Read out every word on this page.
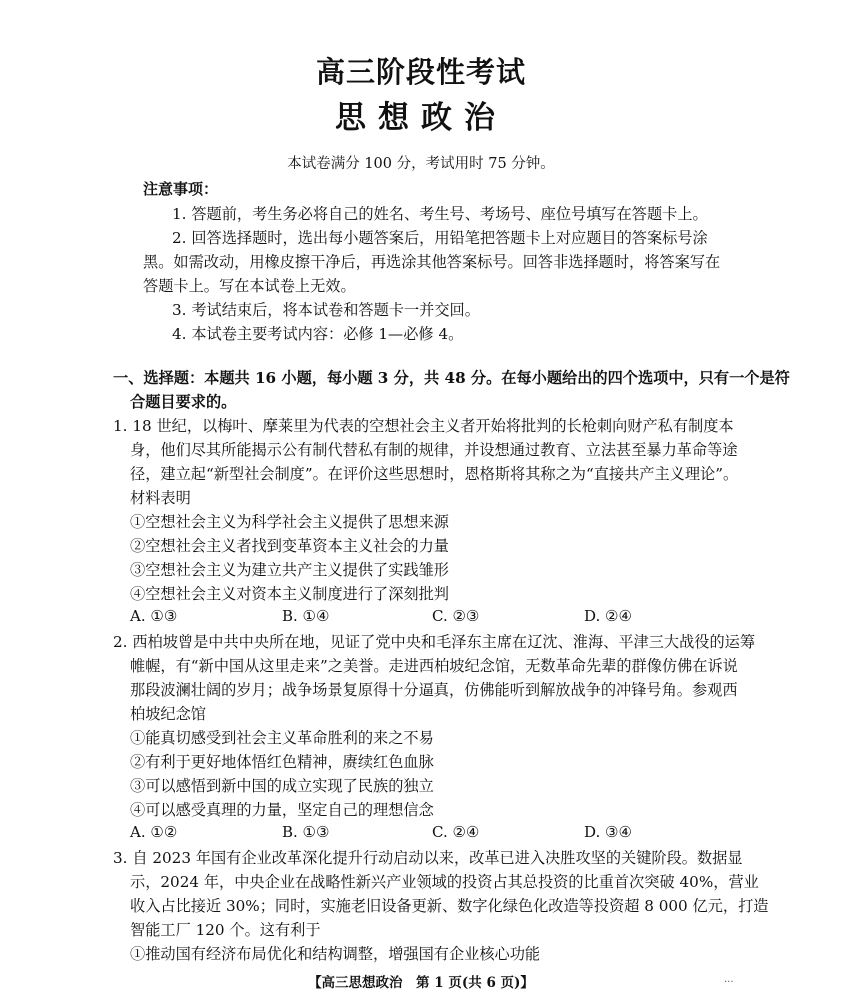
高三阶段性考试
思想政治
本试卷满分 100 分，考试用时 75 分钟。
注意事项：
1. 答题前，考生务必将自己的姓名、考生号、考场号、座位号填写在答题卡上。
2. 回答选择题时，选出每小题答案后，用铅笔把答题卡上对应题目的答案标号涂
黑。如需改动，用橡皮擦干净后，再选涂其他答案标号。回答非选择题时，将答案写在
答题卡上。写在本试卷上无效。
3. 考试结束后，将本试卷和答题卡一并交回。
4. 本试卷主要考试内容：必修 1—必修 4。
一、选择题：本题共 16 小题，每小题 3 分，共 48 分。在每小题给出的四个选项中，只有一个是符
合题目要求的。
1. 18 世纪，以梅叶、摩莱里为代表的空想社会主义者开始将批判的长枪刺向财产私有制度本
身，他们尽其所能揭示公有制代替私有制的规律，并设想通过教育、立法甚至暴力革命等途
径，建立起“新型社会制度”。在评价这些思想时，恩格斯将其称之为“直接共产主义理论”。
材料表明
①空想社会主义为科学社会主义提供了思想来源
②空想社会主义者找到变革资本主义社会的力量
③空想社会主义为建立共产主义提供了实践雏形
④空想社会主义对资本主义制度进行了深刻批判
A. ①③	B. ①④	C. ②③	D. ②④
2. 西柏坡曾是中共中央所在地，见证了党中央和毛泽东主席在辽沈、淮海、平津三大战役的运筹
帷幄，有“新中国从这里走来”之美誉。走进西柏坡纪念馆，无数革命先辈的群像仿佛在诉说
那段波澜壮阔的岁月；战争场景复原得十分逼真，仿佛能听到解放战争的冲锋号角。参观西
柏坡纪念馆
①能真切感受到社会主义革命胜利的来之不易
②有利于更好地体悟红色精神，赓续红色血脉
③可以感悟到新中国的成立实现了民族的独立
④可以感受真理的力量，坚定自己的理想信念
A. ①②	B. ①③	C. ②④	D. ③④
3. 自 2023 年国有企业改革深化提升行动启动以来，改革已进入决胜攻坚的关键阶段。数据显
示，2024 年，中央企业在战略性新兴产业领域的投资占其总投资的比重首次突破 40%，营业
收入占比接近 30%；同时，实施老旧设备更新、数字化绿色化改造等投资超 8 000 亿元，打造
智能工厂 120 个。这有利于
①推动国有经济布局优化和结构调整，增强国有企业核心功能
【高三思想政治　第 1 页(共 6 页)】	...
